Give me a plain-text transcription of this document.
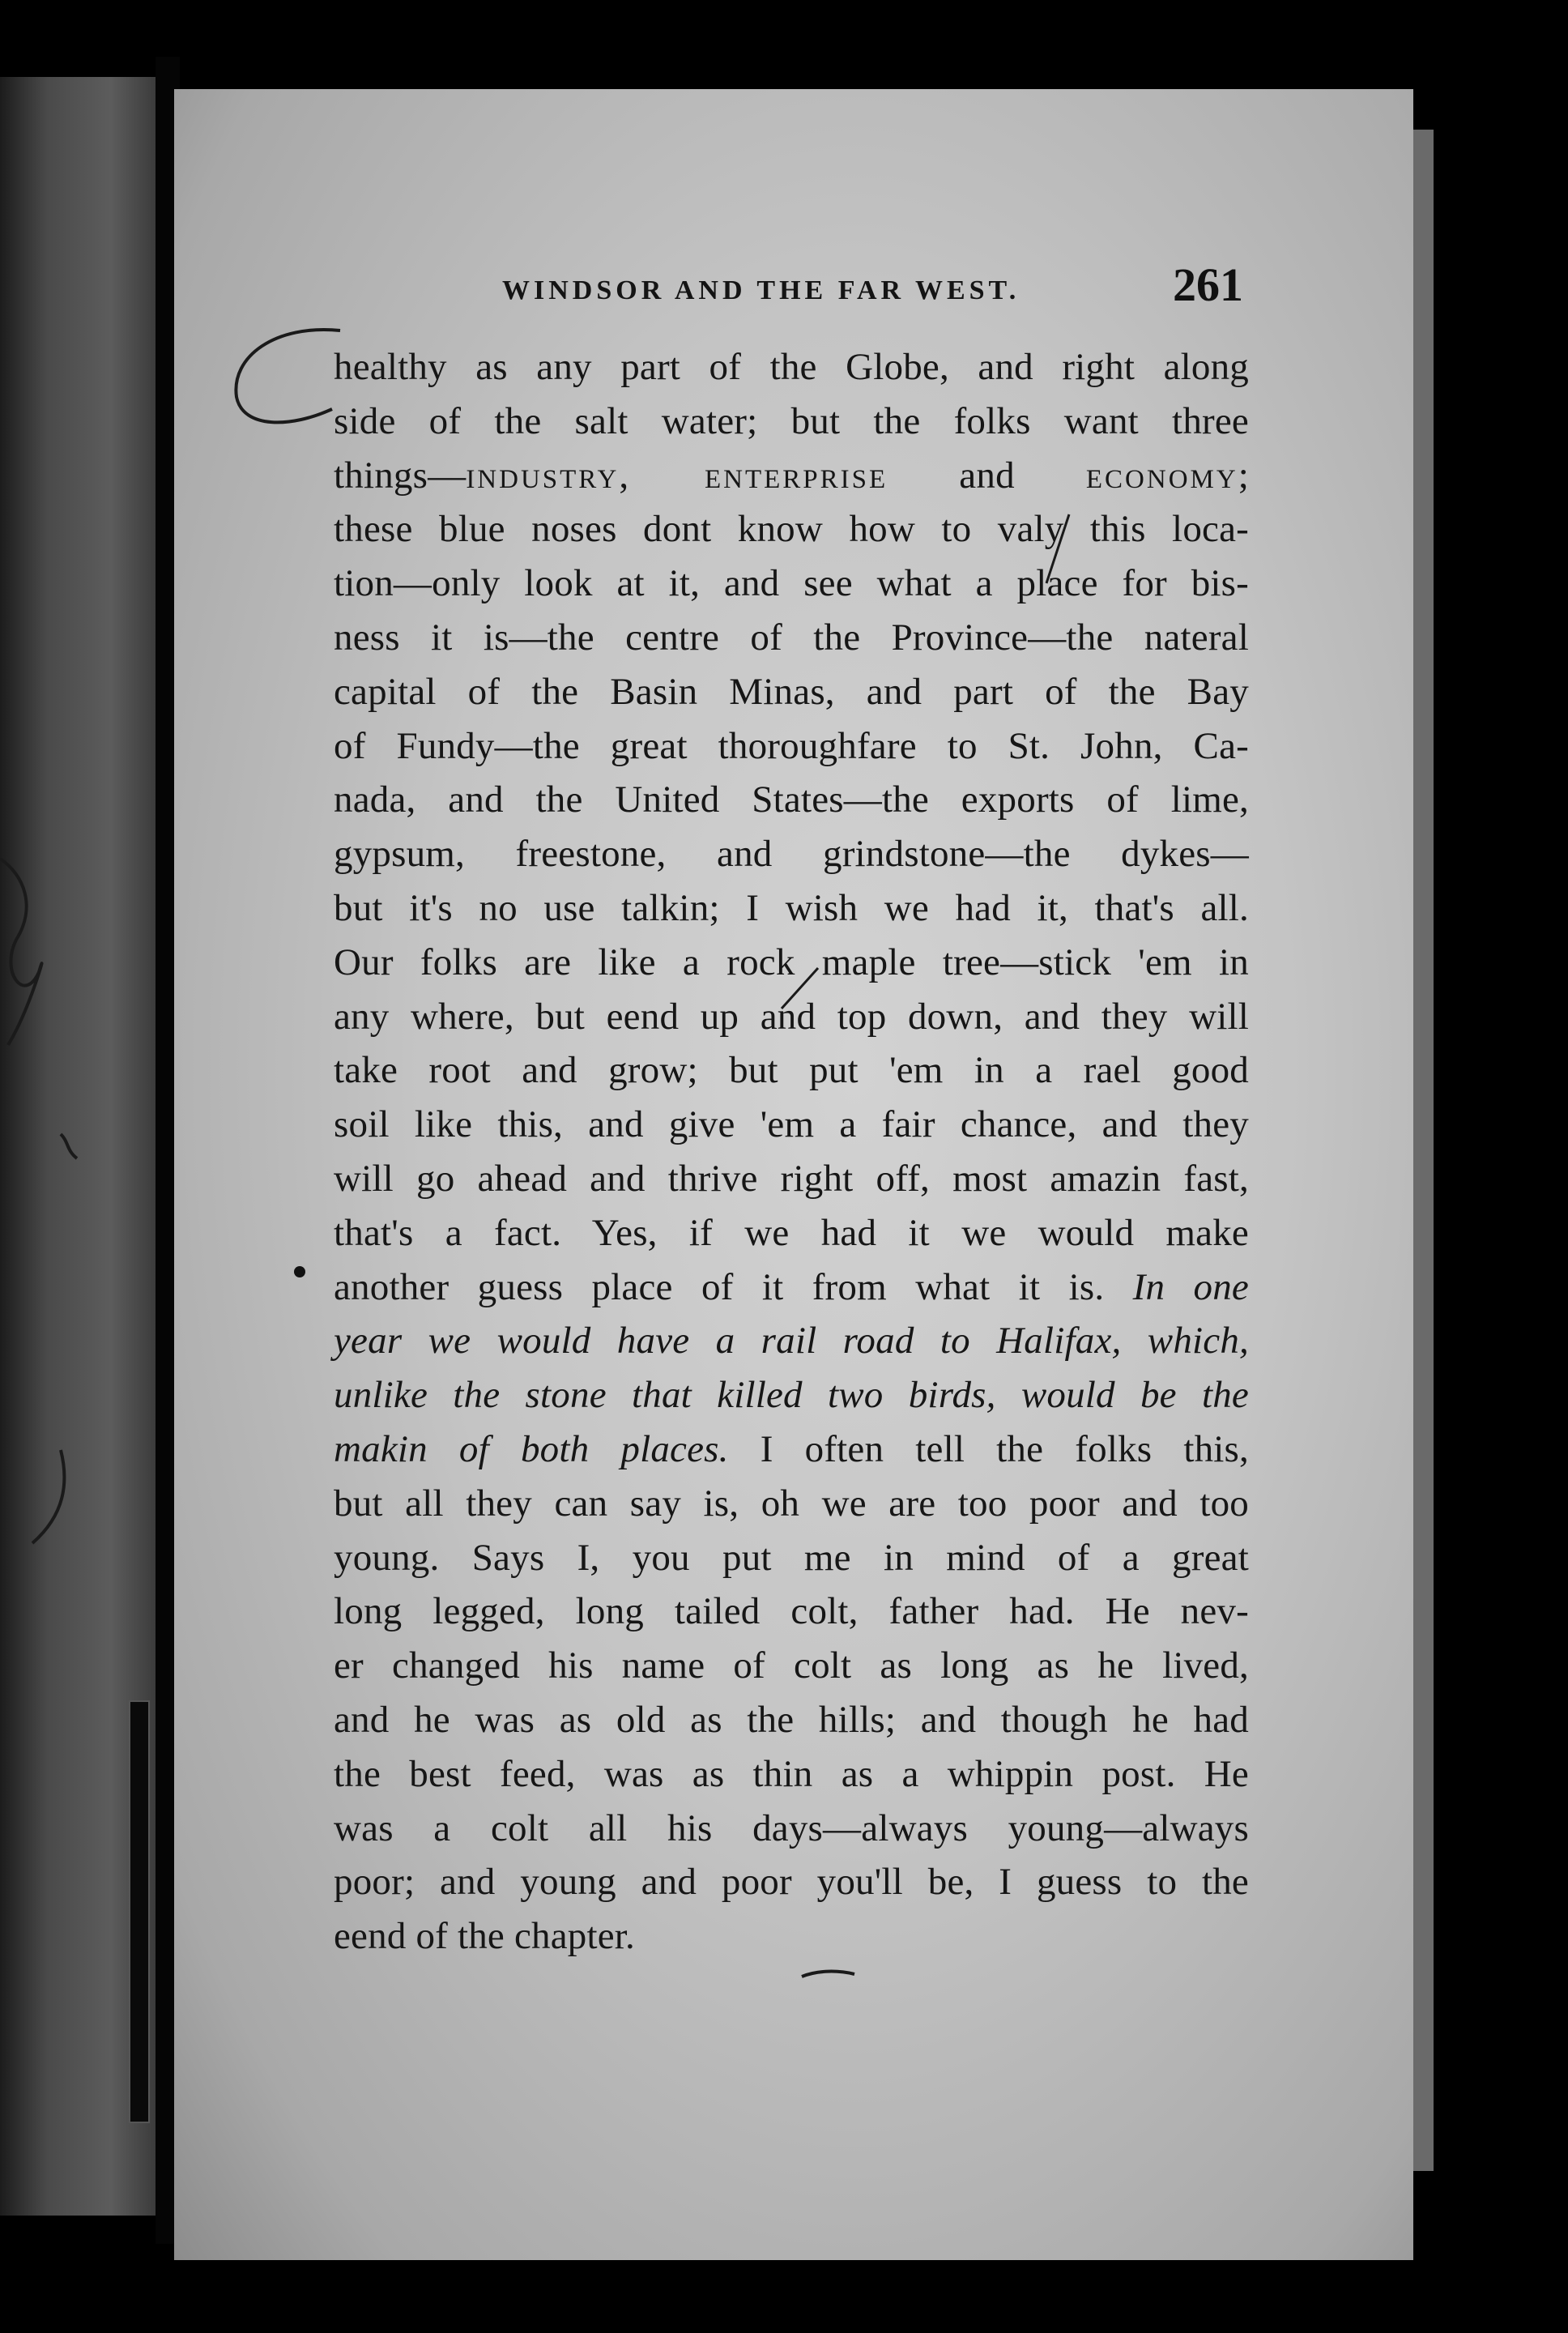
WINDSOR AND THE FAR WEST.	261
healthy as any part of the Globe, and right along
side of the salt water; but the folks want three
things—industry, enterprise and economy;
these blue noses dont know how to valy this loca-
tion—only look at it, and see what a place for bis-
ness it is—the centre of the Province—the nateral
capital of the Basin Minas, and part of the Bay
of Fundy—the great thoroughfare to St. John, Ca-
nada, and the United States—the exports of lime,
gypsum, freestone, and grindstone—the dykes—
but it's no use talkin; I wish we had it, that's all.
Our folks are like a rock maple tree—stick 'em in
any where, but eend up and top down, and they will
take root and grow; but put 'em in a rael good
soil like this, and give 'em a fair chance, and they
will go ahead and thrive right off, most amazin fast,
that's a fact. Yes, if we had it we would make
another guess place of it from what it is. In one
year we would have a rail road to Halifax, which,
unlike the stone that killed two birds, would be the
makin of both places. I often tell the folks this,
but all they can say is, oh we are too poor and too
young. Says I, you put me in mind of a great
long legged, long tailed colt, father had. He nev-
er changed his name of colt as long as he lived,
and he was as old as the hills; and though he had
the best feed, was as thin as a whippin post. He
was a colt all his days—always young—always
poor; and young and poor you'll be, I guess to the
eend of the chapter.
